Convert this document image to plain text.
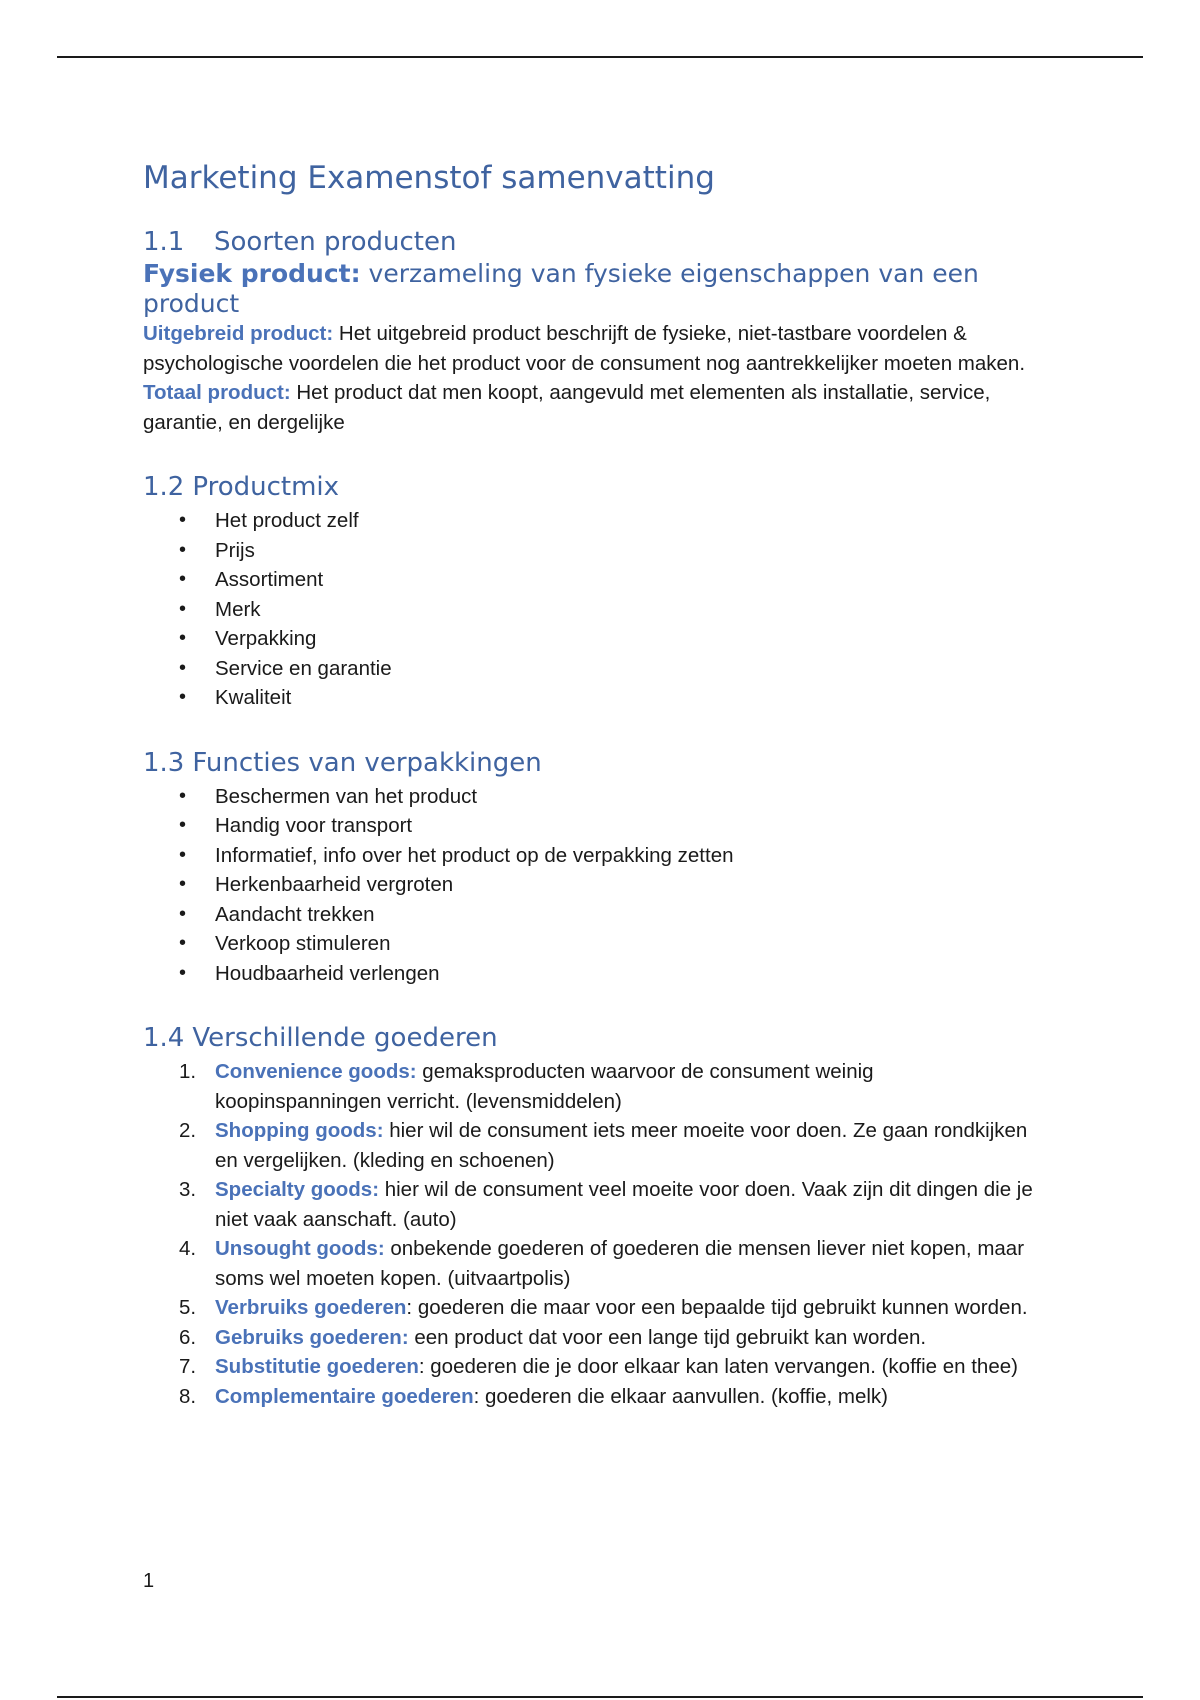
Marketing Examenstof samenvatting
1.1 Soorten producten
Fysiek product: verzameling van fysieke eigenschappen van een product

Uitgebreid product: Het uitgebreid product beschrijft de fysieke, niet-tastbare voordelen & psychologische voordelen die het product voor de consument nog aantrekkelijker moeten maken.

Totaal product: Het product dat men koopt, aangevuld met elementen als installatie, service, garantie, en dergelijke

1.2 Productmix
• Het product zelf
• Prijs
• Assortiment
• Merk
• Verpakking
• Service en garantie
• Kwaliteit
1.3 Functies van verpakkingen
• Beschermen van het product
• Handig voor transport
• Informatief, info over het product op de verpakking zetten
• Herkenbaarheid vergroten
• Aandacht trekken
• Verkoop stimuleren
• Houdbaarheid verlengen
1.4 Verschillende goederen
1. Convenience goods: gemaksproducten waarvoor de consument weinig koopinspanningen verricht. (levensmiddelen)
2. Shopping goods: hier wil de consument iets meer moeite voor doen. Ze gaan rondkijken en vergelijken. (kleding en schoenen)
3. Specialty goods: hier wil de consument veel moeite voor doen. Vaak zijn dit dingen die je niet vaak aanschaft. (auto)
4. Unsought goods: onbekende goederen of goederen die mensen liever niet kopen, maar soms wel moeten kopen. (uitvaartpolis)
5. Verbruiks goederen: goederen die maar voor een bepaalde tijd gebruikt kunnen worden.
6. Gebruiks goederen: een product dat voor een lange tijd gebruikt kan worden.
7. Substitutie goederen: goederen die je door elkaar kan laten vervangen. (koffie en thee)
8. Complementaire goederen: goederen die elkaar aanvullen. (koffie, melk)
1
